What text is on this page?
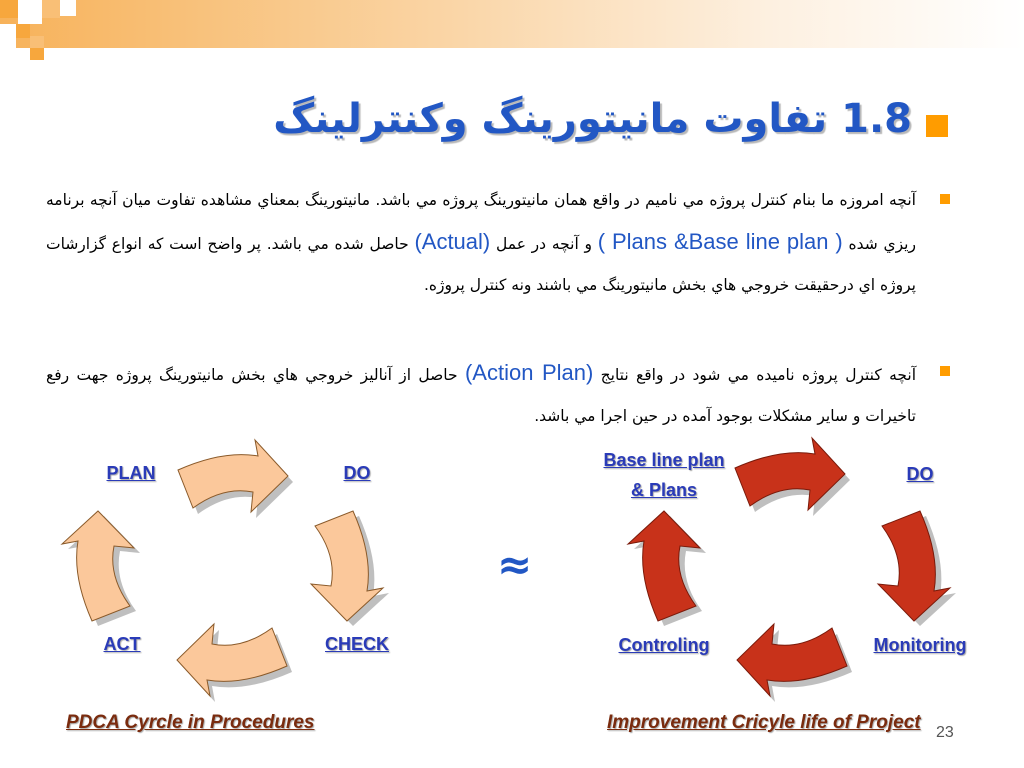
1.8 تفاوت مانیتورینگ وکنترلینگ
آنچه امروزه ما بنام کنترل پروژه مي ناميم در واقع همان مانيتورينگ پروژه مي باشد. مانيتورينگ بمعناي مشاهده تفاوت ميان آنچه برنامه ريزي شده ( Plans &Base line plan ) و آنچه در عمل (Actual) حاصل شده مي باشد. پر واضح است که انواع گزارشات پروژه اي درحقيقت خروجي هاي بخش مانيتورينگ مي باشند ونه کنترل پروژه.
آنچه کنترل پروژه ناميده مي شود در واقع نتايج (Action Plan) حاصل از آناليز خروجي هاي بخش مانيتورينگ پروژه جهت رفع تاخيرات و ساير مشکلات بوجود آمده در حين اجرا مي باشد.
PLAN	DO
CHECK
ACT
≈
Base line plan
& Plans
DO
Monitoring
Controling
PDCA Cyrcle in Procedures	23
Improvement Cricyle life of Project
